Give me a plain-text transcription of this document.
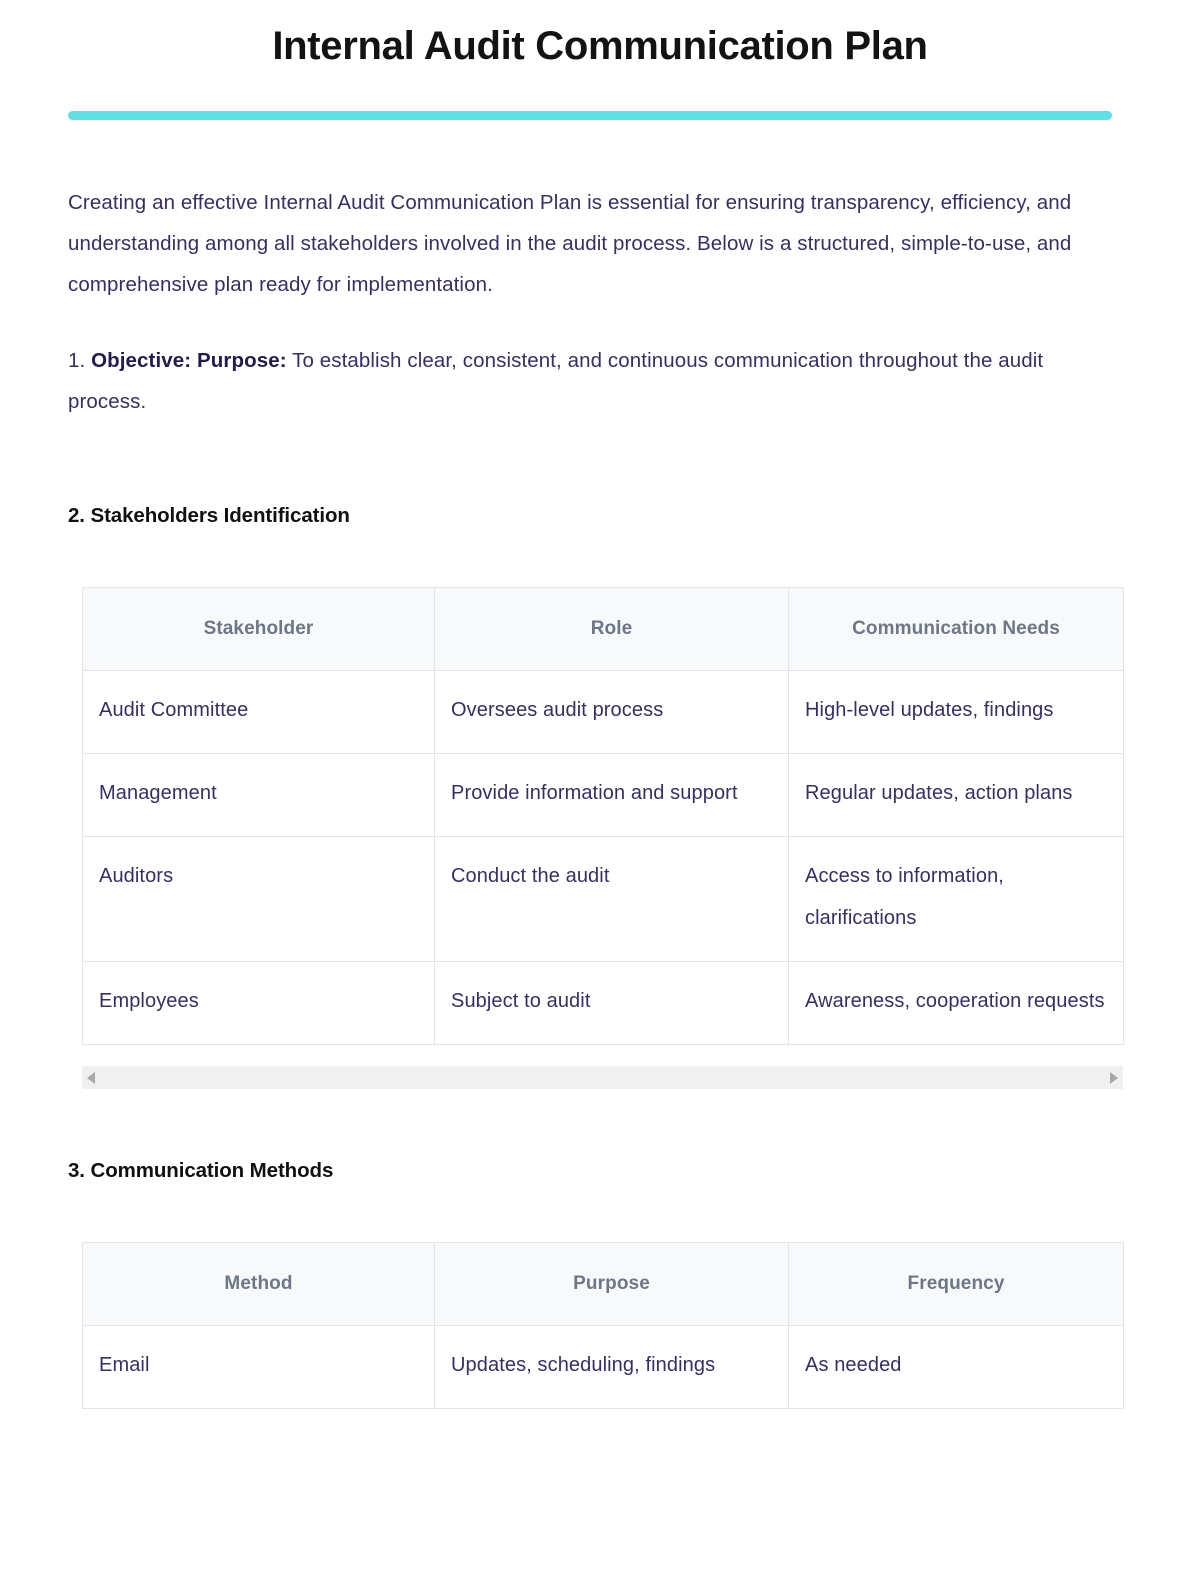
Internal Audit Communication Plan

Creating an effective Internal Audit Communication Plan is essential for ensuring transparency, efficiency, and understanding among all stakeholders involved in the audit process. Below is a structured, simple-to-use, and comprehensive plan ready for implementation.

1. Objective: Purpose: To establish clear, consistent, and continuous communication throughout the audit process.

2. Stakeholders Identification
Stakeholder	Role	Communication Needs
Audit Committee	Oversees audit process	High-level updates, findings
Management	Provide information and support	Regular updates, action plans
Auditors	Conduct the audit	Access to information, clarifications
Employees	Subject to audit	Awareness, cooperation requests
3. Communication Methods
Method	Purpose	Frequency
Email	Updates, scheduling, findings	As needed
